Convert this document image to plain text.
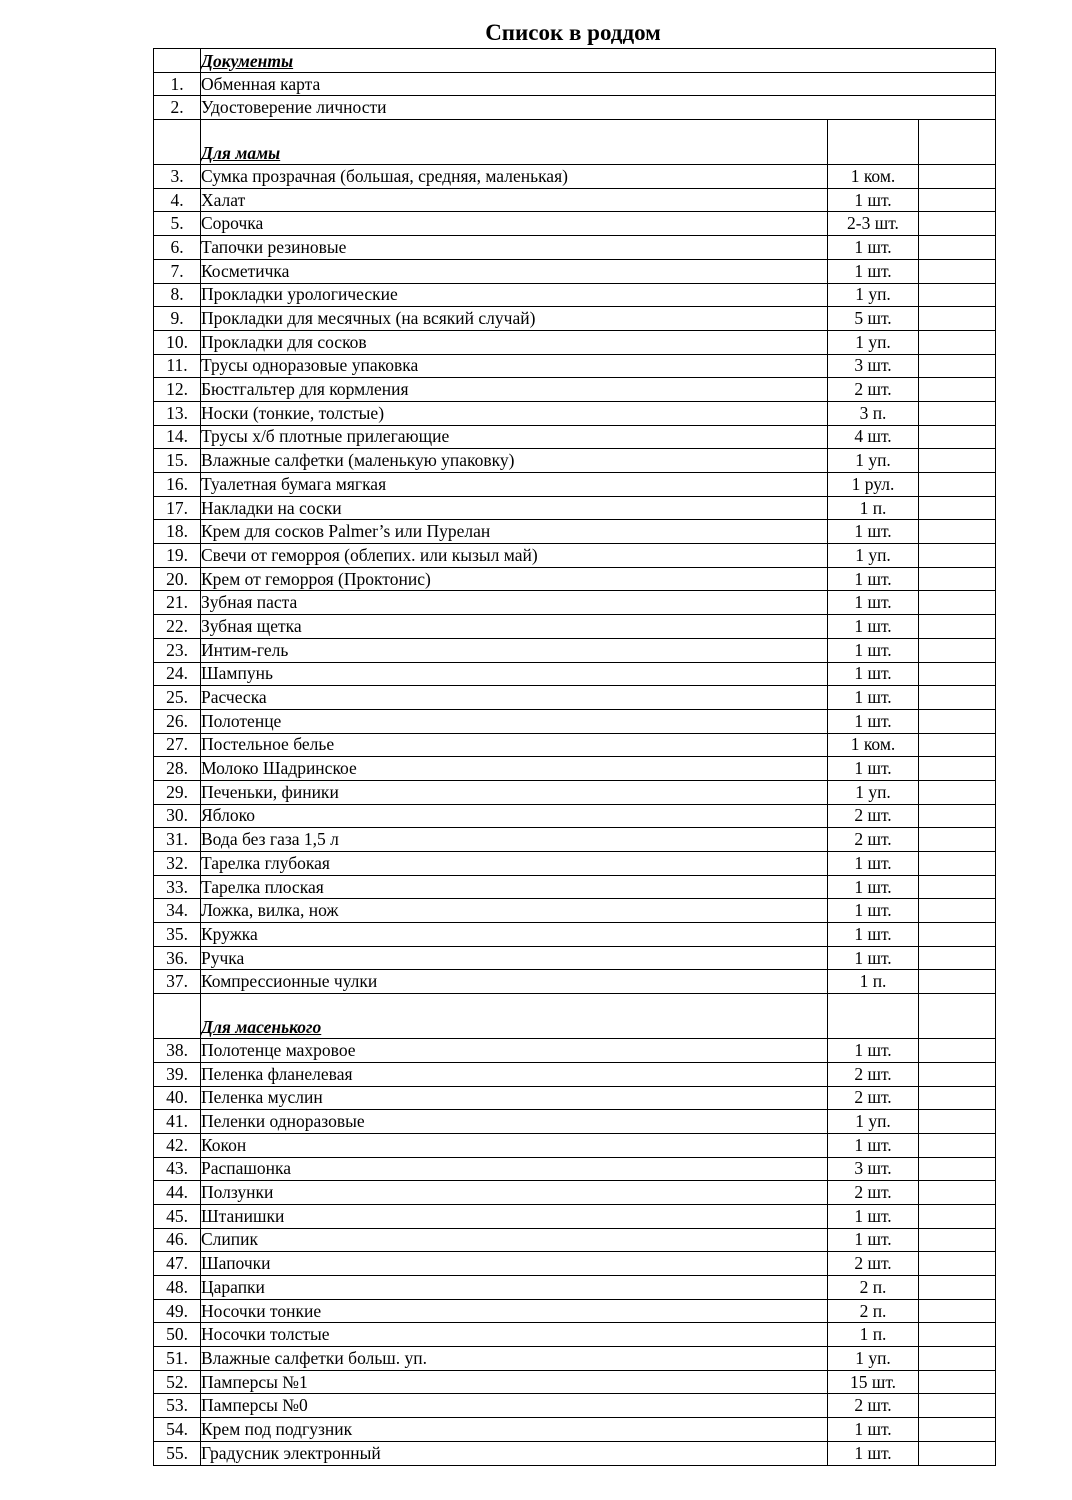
Список в роддом
	Документы		
1.	Обменная карта		
2.	Удостоверение личности		
	Для мамы		
3.	Сумка прозрачная (большая, средняя, маленькая)	1 ком.	
4.	Халат	1 шт.	
5.	Сорочка	2-3 шт.	
6.	Тапочки резиновые	1 шт.	
7.	Косметичка	1 шт.	
8.	Прокладки урологические	1 уп.	
9.	Прокладки для месячных (на всякий случай)	5 шт.	
10.	Прокладки для сосков	1 уп.	
11.	Трусы одноразовые упаковка	3 шт.	
12.	Бюстгальтер для кормления	2 шт.	
13.	Носки (тонкие, толстые)	3 п.	
14.	Трусы х/б плотные прилегающие	4 шт.	
15.	Влажные салфетки (маленькую упаковку)	1 уп.	
16.	Туалетная бумага мягкая	1 рул.	
17.	Накладки на соски	1 п.	
18.	Крем для сосков Palmer’s или Пурелан	1 шт.	
19.	Свечи от геморроя (облепих. или кызыл май)	1 уп.	
20.	Крем от геморроя (Проктонис)	1 шт.	
21.	Зубная паста	1 шт.	
22.	Зубная щетка	1 шт.	
23.	Интим-гель	1 шт.	
24.	Шампунь	1 шт.	
25.	Расческа	1 шт.	
26.	Полотенце	1 шт.	
27.	Постельное белье	1 ком.	
28.	Молоко Шадринское	1 шт.	
29.	Печеньки, финики	1 уп.	
30.	Яблоко	2 шт.	
31.	Вода без газа 1,5 л	2 шт.	
32.	Тарелка глубокая	1 шт.	
33.	Тарелка плоская	1 шт.	
34.	Ложка, вилка, нож	1 шт.	
35.	Кружка	1 шт.	
36.	Ручка	1 шт.	
37.	Компрессионные чулки	1 п.	
	Для масенького		
38.	Полотенце махровое	1 шт.	
39.	Пеленка фланелевая	2 шт.	
40.	Пеленка муслин	2 шт.	
41.	Пеленки одноразовые	1 уп.	
42.	Кокон	1 шт.	
43.	Распашонка	3 шт.	
44.	Ползунки	2 шт.	
45.	Штанишки	1 шт.	
46.	Слипик	1 шт.	
47.	Шапочки	2 шт.	
48.	Царапки	2 п.	
49.	Носочки тонкие	2 п.	
50.	Носочки толстые	1 п.	
51.	Влажные салфетки больш. уп.	1 уп.	
52.	Памперсы №1	15 шт.	
53.	Памперсы №0	2 шт.	
54.	Крем под подгузник	1 шт.	
55.	Градусник электронный	1 шт.	
